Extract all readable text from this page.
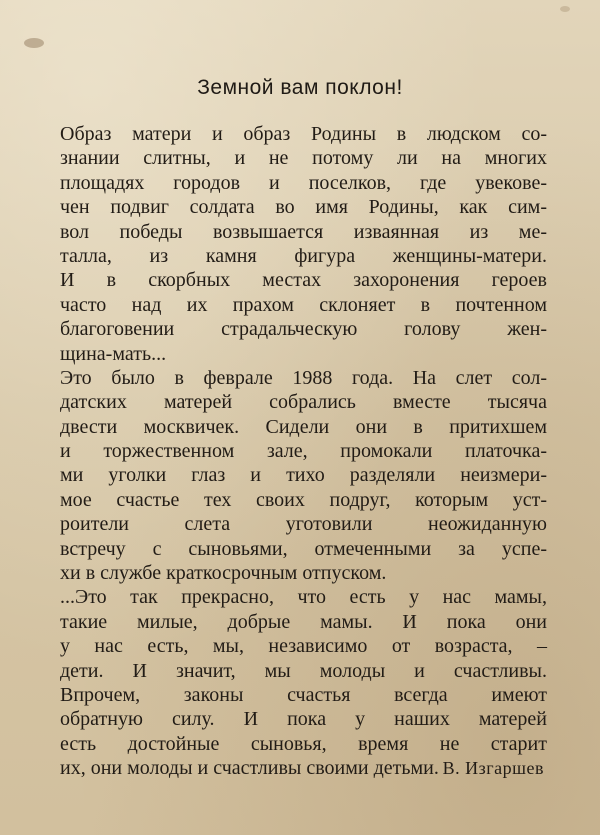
Земной вам поклон!
Образ матери и образ Родины в людском со-
знании слитны, и не потому ли на многих
площадях городов и поселков, где увекове-
чен подвиг солдата во имя Родины, как сим-
вол победы возвышается изваянная из ме-
талла, из камня фигура женщины-матери.
И в скорбных местах захоронения героев
часто над их прахом склоняет в почтенном
благоговении страдальческую голову жен-
щина-мать...
Это было в феврале 1988 года. На слет сол-
датских матерей собрались вместе тысяча
двести москвичек. Сидели они в притихшем
и торжественном зале, промокали платочка-
ми уголки глаз и тихо разделяли неизмери-
мое счастье тех своих подруг, которым уст-
роители слета уготовили неожиданную
встречу с сыновьями, отмеченными за успе-
хи в службе краткосрочным отпуском.
...Это так прекрасно, что есть у нас мамы,
такие милые, добрые мамы. И пока они
у нас есть, мы, независимо от возраста, –
дети. И значит, мы молоды и счастливы.
Впрочем, законы счастья всегда имеют
обратную силу. И пока у наших матерей
есть достойные сыновья, время не старит
их, они молоды и счастливы своими детьми. В. Изгаршев
